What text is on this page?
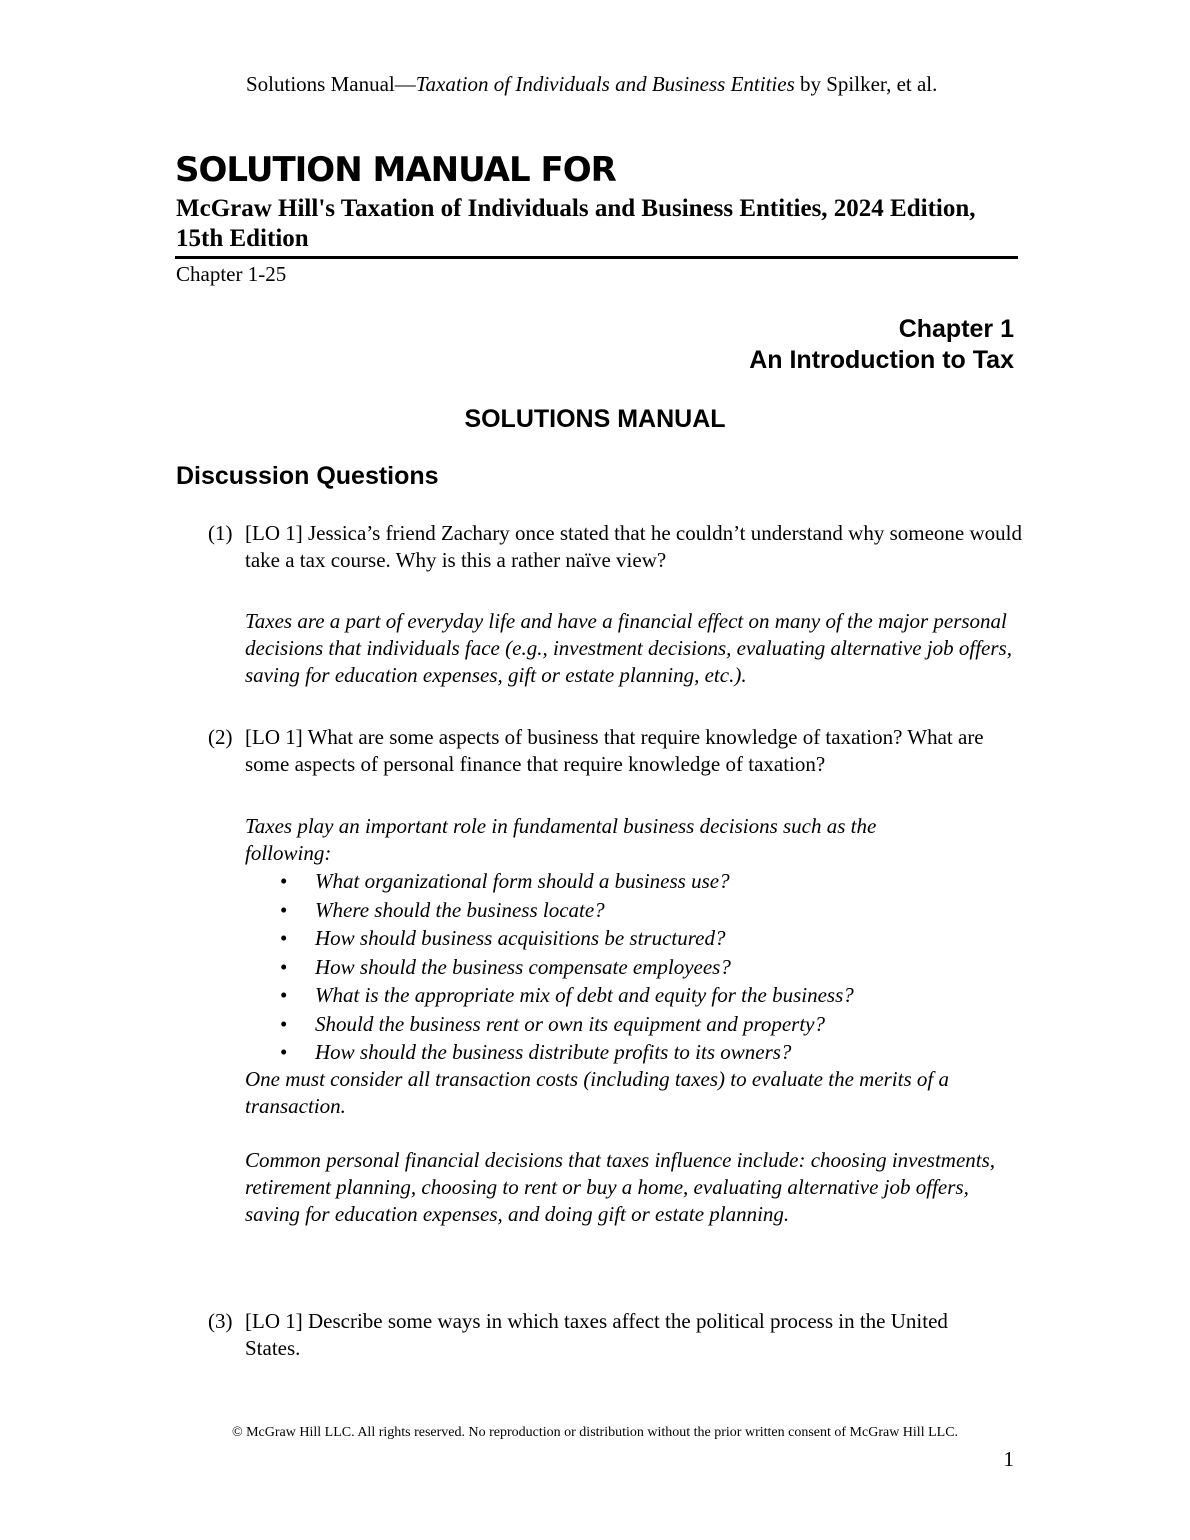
Solutions Manual—Taxation of Individuals and Business Entities by Spilker, et al.
SOLUTION MANUAL FOR
McGraw Hill's Taxation of Individuals and Business Entities, 2024 Edition, 15th Edition
Chapter 1-25
Chapter 1
An Introduction to Tax
SOLUTIONS MANUAL
Discussion Questions
(1) [LO 1] Jessica’s friend Zachary once stated that he couldn’t understand why someone would take a tax course. Why is this a rather naïve view?
Taxes are a part of everyday life and have a financial effect on many of the major personal decisions that individuals face (e.g., investment decisions, evaluating alternative job offers, saving for education expenses, gift or estate planning, etc.).
(2) [LO 1] What are some aspects of business that require knowledge of taxation? What are some aspects of personal finance that require knowledge of taxation?
Taxes play an important role in fundamental business decisions such as the following:
• What organizational form should a business use?
• Where should the business locate?
• How should business acquisitions be structured?
• How should the business compensate employees?
• What is the appropriate mix of debt and equity for the business?
• Should the business rent or own its equipment and property?
• How should the business distribute profits to its owners?
One must consider all transaction costs (including taxes) to evaluate the merits of a transaction.
Common personal financial decisions that taxes influence include: choosing investments, retirement planning, choosing to rent or buy a home, evaluating alternative job offers, saving for education expenses, and doing gift or estate planning.
(3) [LO 1] Describe some ways in which taxes affect the political process in the United States.
© McGraw Hill LLC. All rights reserved. No reproduction or distribution without the prior written consent of McGraw Hill LLC.
1
